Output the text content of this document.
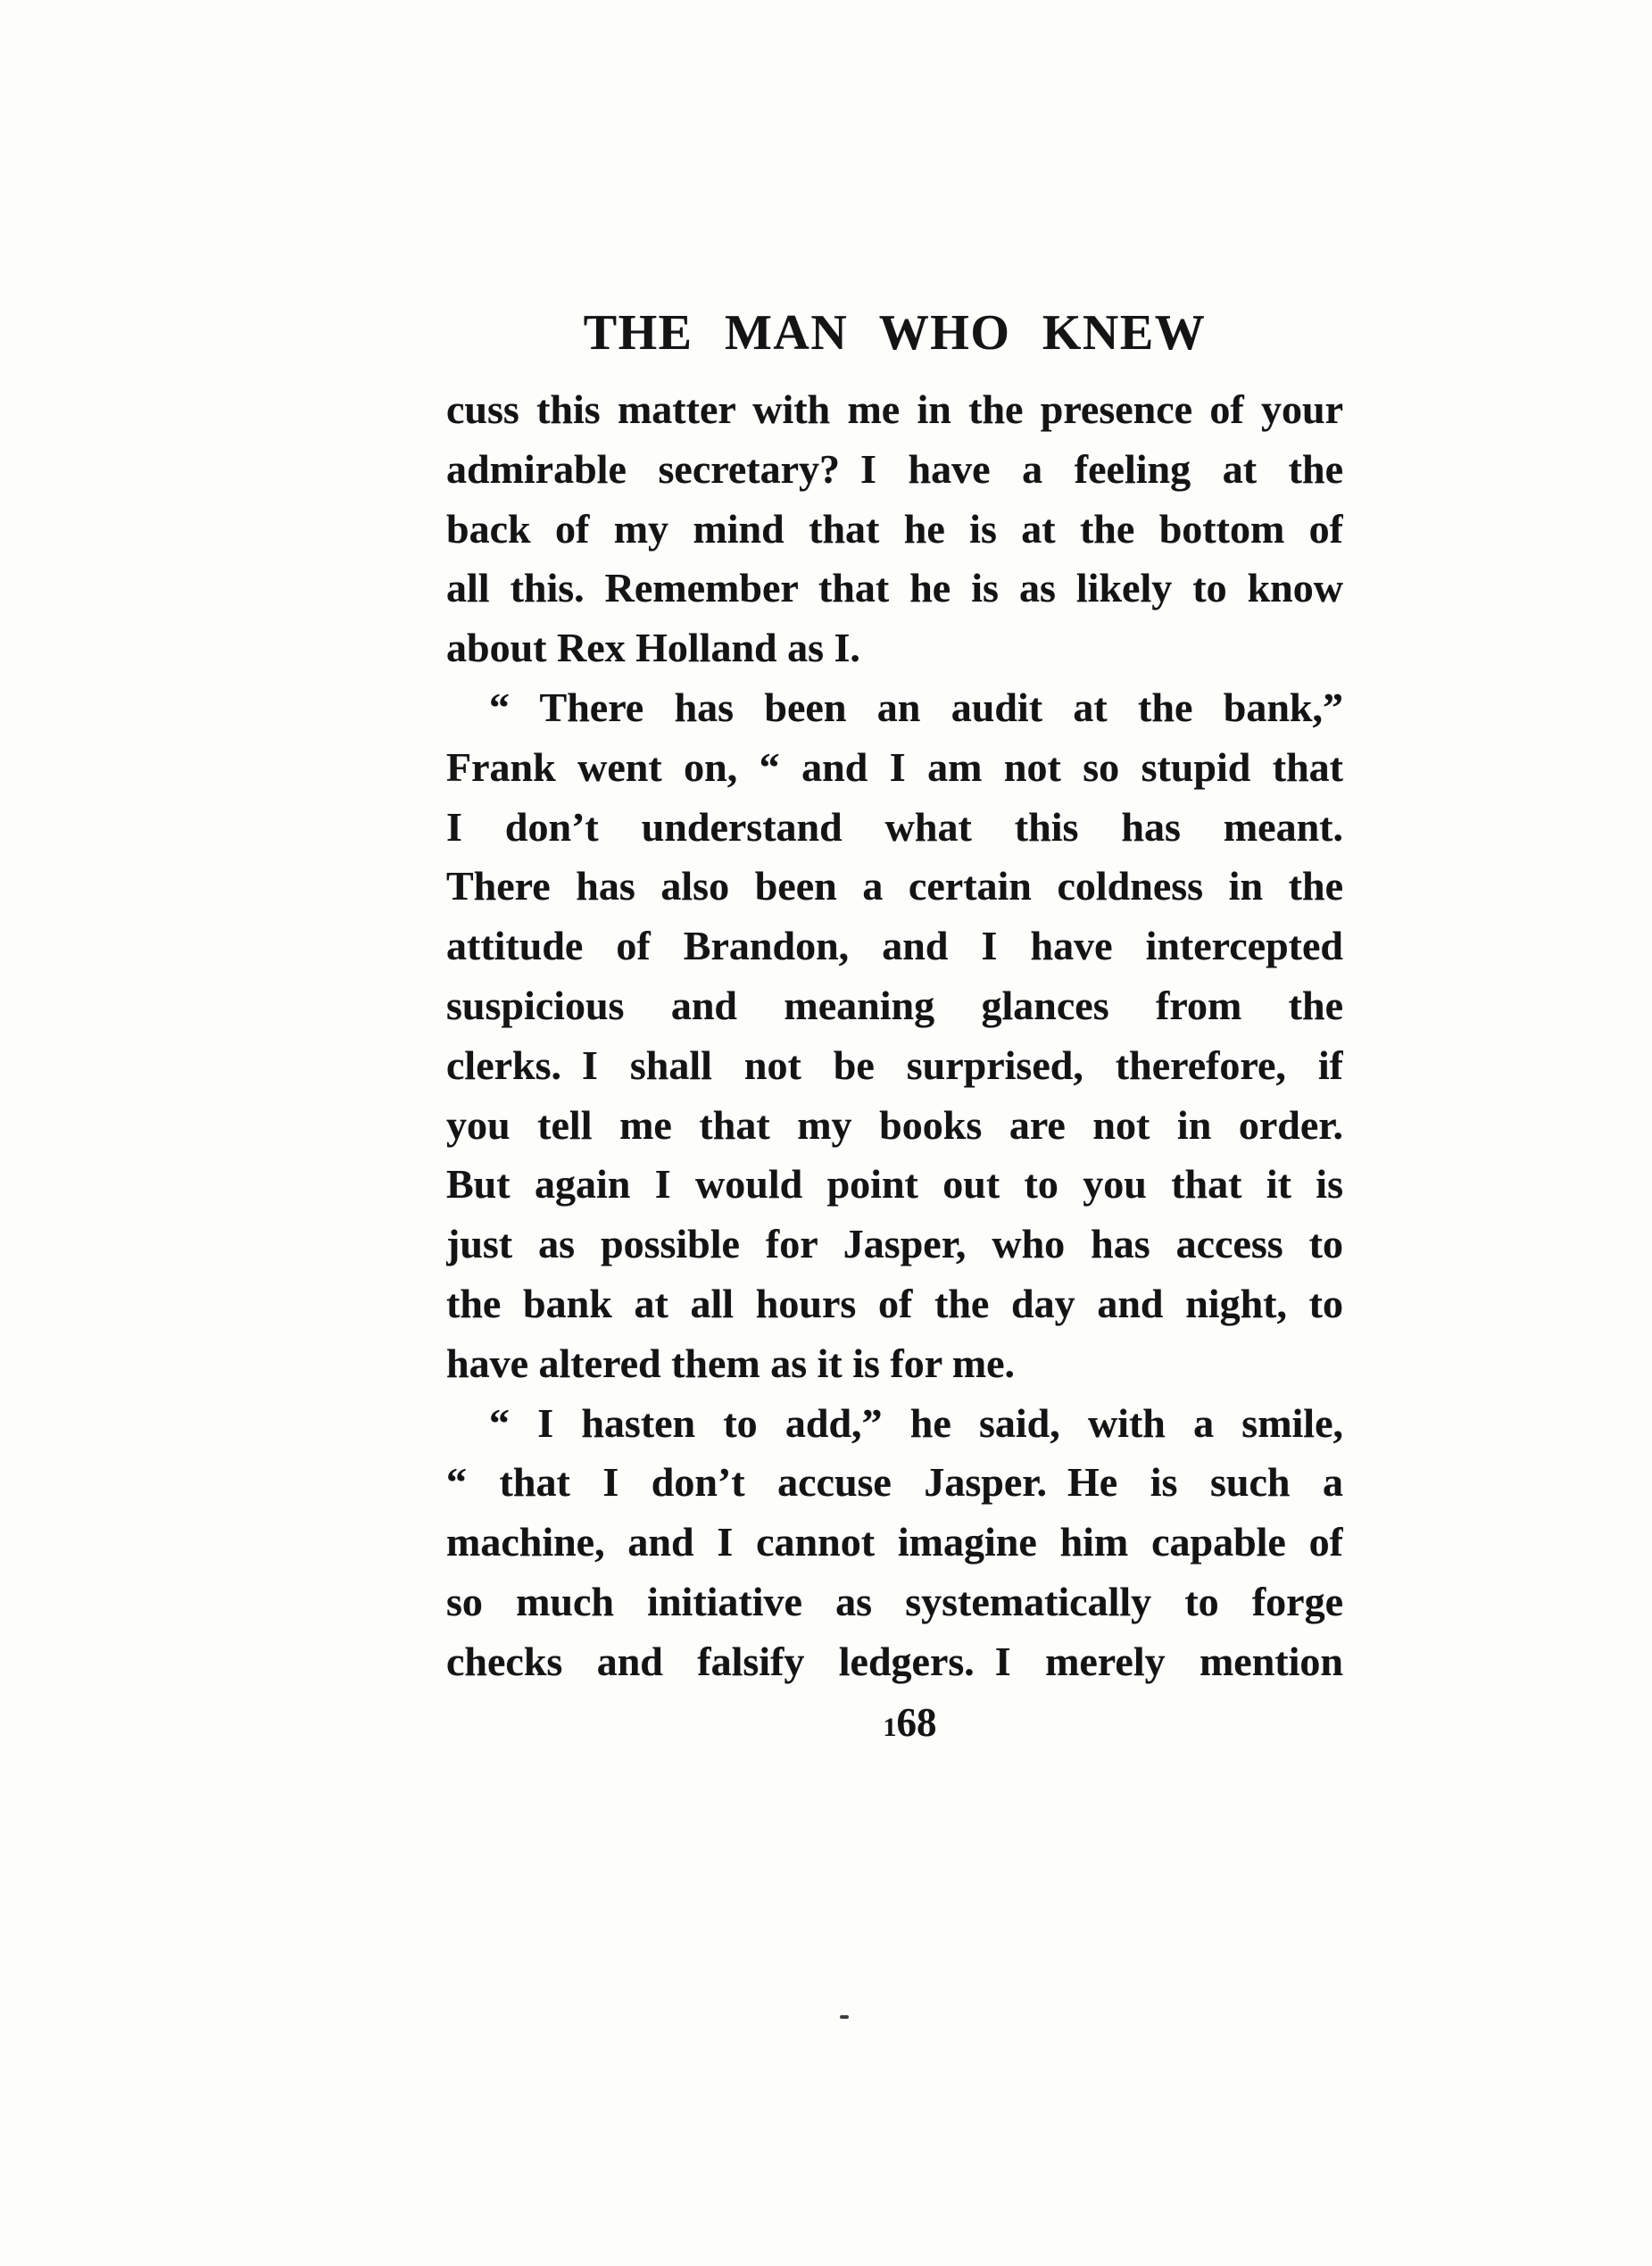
THE MAN WHO KNEW
cuss this matter with me in the presence of your
admirable secretary? I have a feeling at the
back of my mind that he is at the bottom of
all this. Remember that he is as likely to know
about Rex Holland as I.
“ There has been an audit at the bank,”
Frank went on, “ and I am not so stupid that
I don’t understand what this has meant.
There has also been a certain coldness in the
attitude of Brandon, and I have intercepted
suspicious and meaning glances from the
clerks. I shall not be surprised, therefore, if
you tell me that my books are not in order.
But again I would point out to you that it is
just as possible for Jasper, who has access to
the bank at all hours of the day and night, to
have altered them as it is for me.
“ I hasten to add,” he said, with a smile,
“ that I don’t accuse Jasper. He is such a
machine, and I cannot imagine him capable of
so much initiative as systematically to forge
checks and falsify ledgers. I merely mention
168
